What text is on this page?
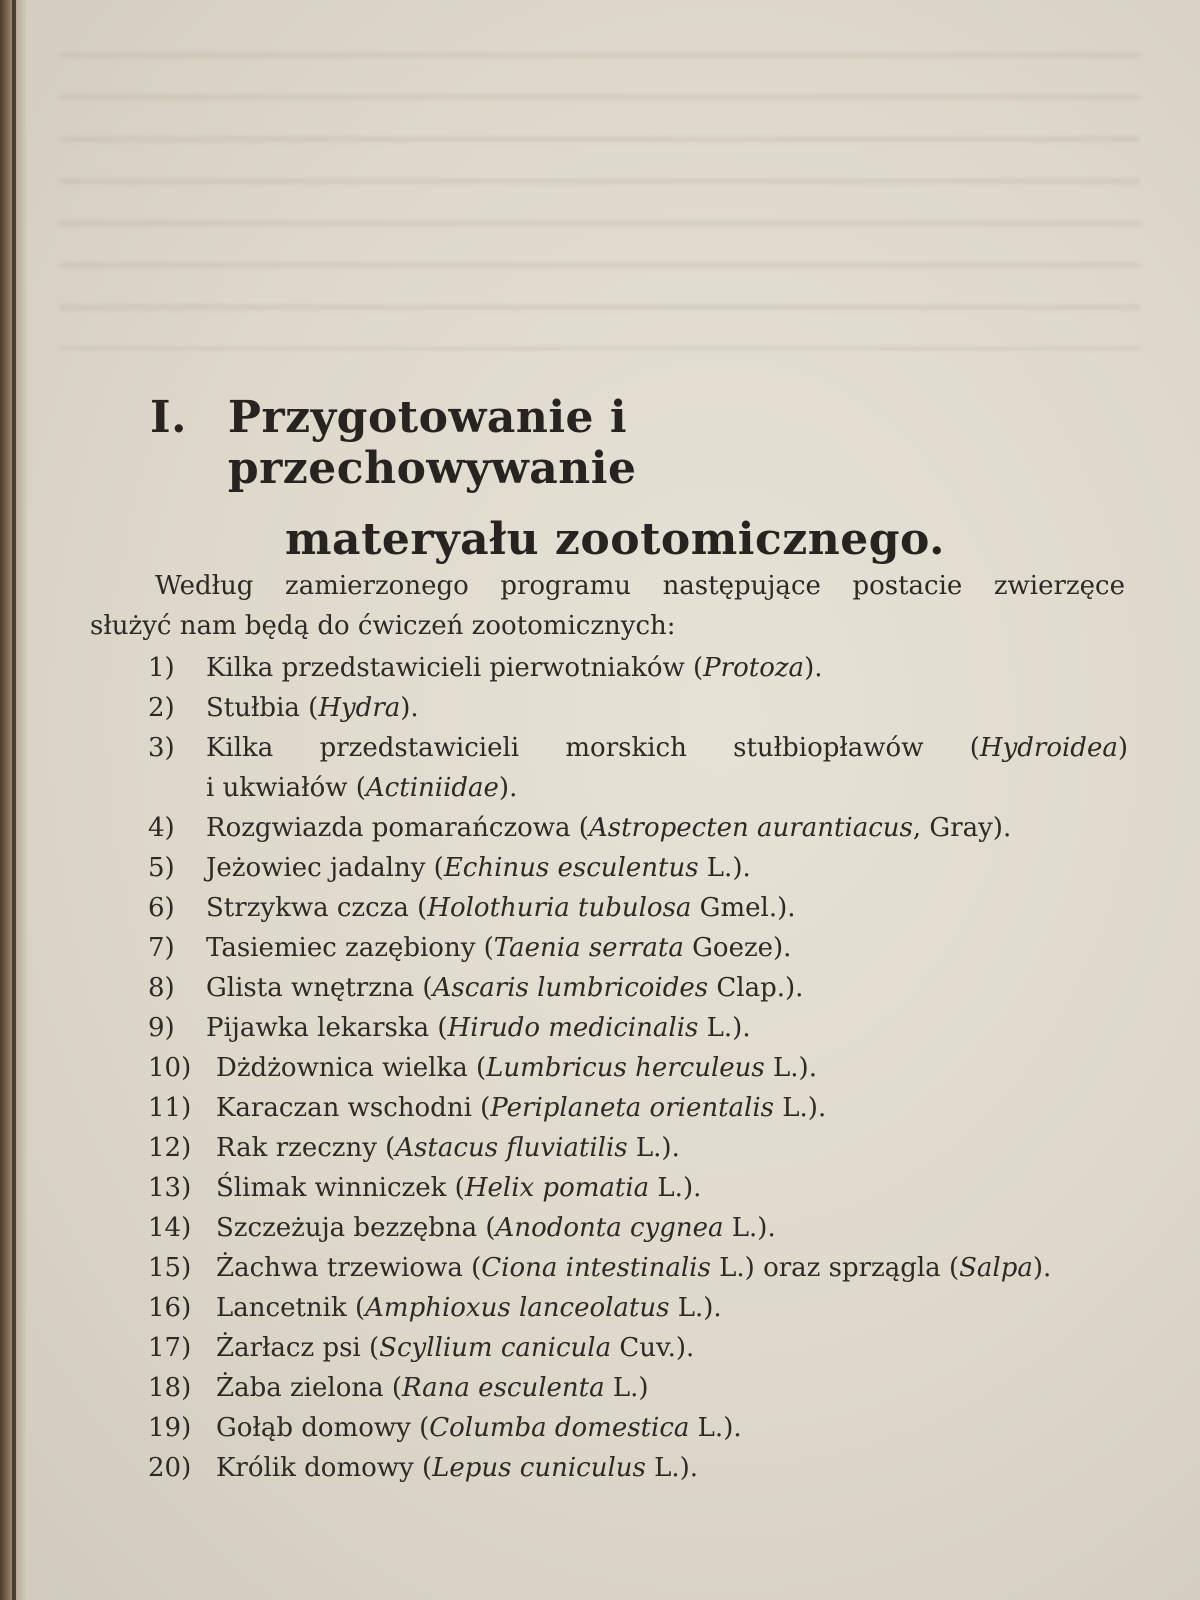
I. Przygotowanie i przechowywanie
materyału zootomicznego.
Według zamierzonego programu następujące postacie zwierzęce
służyć nam będą do ćwiczeń zootomicznych:
1)	Kilka przedstawicieli pierwotniaków (Protoza).
2)	Stułbia (Hydra).
3)	Kilka przedstawicieli morskich stułbiopławów (Hydroidea)
i ukwiałów (Actiniidae).
4)	Rozgwiazda pomarańczowa (Astropecten aurantiacus, Gray).
5)	Jeżowiec jadalny (Echinus esculentus L.).
6)	Strzykwa czcza (Holothuria tubulosa Gmel.).
7)	Tasiemiec zazębiony (Taenia serrata Goeze).
8)	Glista wnętrzna (Ascaris lumbricoides Clap.).
9)	Pijawka lekarska (Hirudo medicinalis L.).
10) Dżdżownica wielka (Lumbricus herculeus L.).
11) Karaczan wschodni (Periplaneta orientalis L.).
12) Rak rzeczny (Astacus fluviatilis L.).
13) Ślimak winniczek (Helix pomatia L.).
14) Szczeżuja bezzębna (Anodonta cygnea L.).
15) Żachwa trzewiowa (Ciona intestinalis L.) oraz sprzągla (Salpa).
16) Lancetnik (Amphioxus lanceolatus L.).
17) Żarłacz psi (Scyllium canicula Cuv.).
18) Żaba zielona (Rana esculenta L.)
19) Gołąb domowy (Columba domestica L.).
20) Królik domowy (Lepus cuniculus L.).
